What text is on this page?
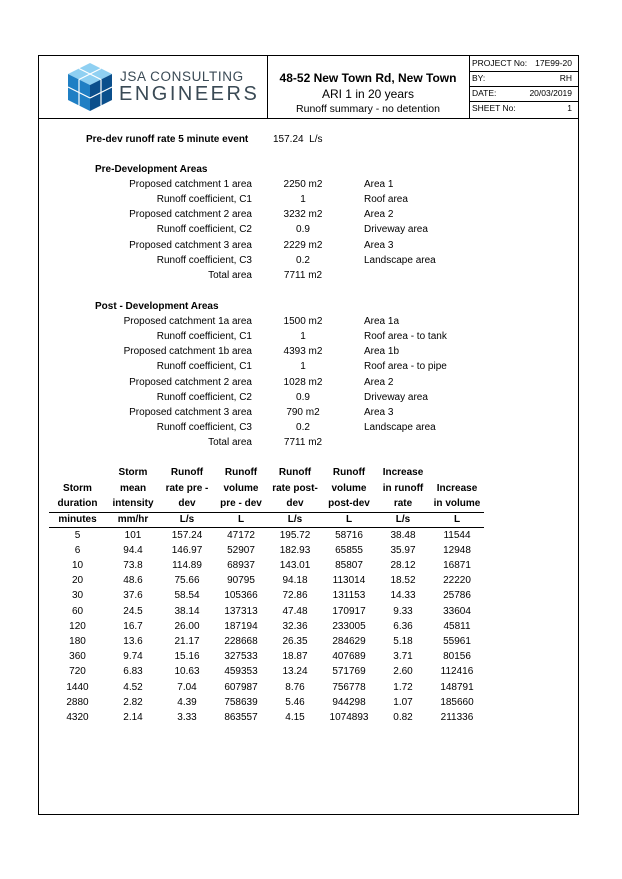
JSA CONSULTING
ENGINEERS
48-52 New Town Rd, New Town
ARI 1 in 20 years
Runoff summary - no detention
PROJECT No: 17E99-20
BY:	RH
DATE:	20/03/2019
SHEET No:	1
Pre-dev runoff rate 5 minute event 157.24 L/s
Pre-Development Areas
Proposed catchment 1 area	2250 m2	Area 1
Runoff coefficient, C1	1	Roof area
Proposed catchment 2 area	3232 m2	Area 2
Runoff coefficient, C2	0.9	Driveway area
Proposed catchment 3 area	2229 m2	Area 3
Runoff coefficient, C3	0.2	Landscape area
Total area	7711 m2
Post - Development Areas
Proposed catchment 1a area	1500 m2	Area 1a
Runoff coefficient, C1	1	Roof area - to tank
Proposed catchment 1b area	4393 m2	Area 1b
Runoff coefficient, C1	1	Roof area - to pipe
Proposed catchment 2 area	1028 m2	Area 2
Runoff coefficient, C2	0.9	Driveway area
Proposed catchment 3 area	790 m2	Area 3
Runoff coefficient, C3	0.2	Landscape area
Total area	7711 m2
	Storm	Runoff	Runoff	Runoff	Runoff	Increase	
Storm	mean	rate pre -	volume	rate post-	volume	in runoff	Increase
duration	intensity	dev	pre - dev	dev	post-dev	rate	in volume
minutes	mm/hr	L/s	L	L/s	L	L/s	L
5	101	157.24	47172	195.72	58716	38.48	11544
6	94.4	146.97	52907	182.93	65855	35.97	12948
10	73.8	114.89	68937	143.01	85807	28.12	16871
20	48.6	75.66	90795	94.18	113014	18.52	22220
30	37.6	58.54	105366	72.86	131153	14.33	25786
60	24.5	38.14	137313	47.48	170917	9.33	33604
120	16.7	26.00	187194	32.36	233005	6.36	45811
180	13.6	21.17	228668	26.35	284629	5.18	55961
360	9.74	15.16	327533	18.87	407689	3.71	80156
720	6.83	10.63	459353	13.24	571769	2.60	112416
1440	4.52	7.04	607987	8.76	756778	1.72	148791
2880	2.82	4.39	758639	5.46	944298	1.07	185660
4320	2.14	3.33	863557	4.15	1074893	0.82	211336
